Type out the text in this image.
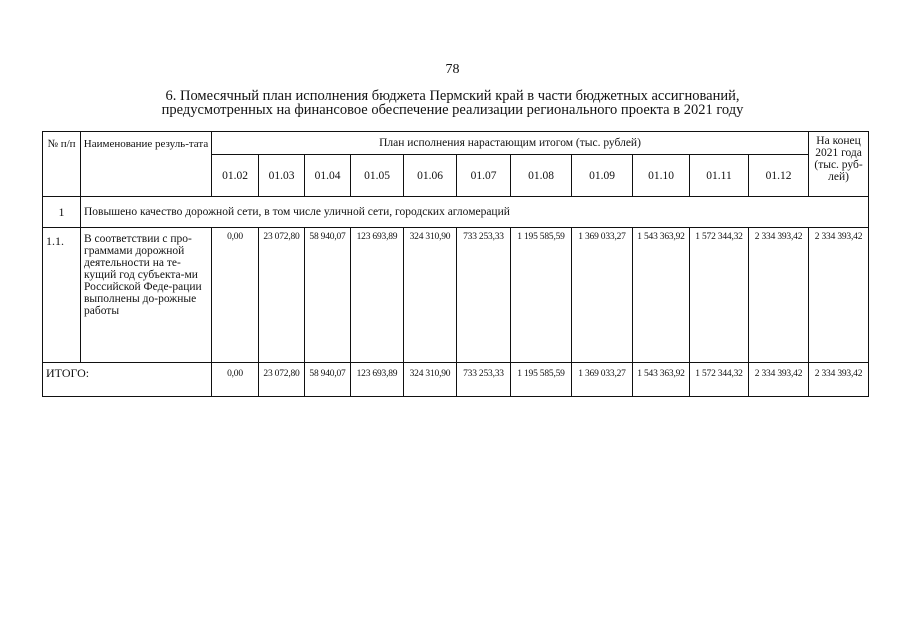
78
6. Помесячный план исполнения бюджета Пермский край в части бюджетных ассигнований,
предусмотренных на финансовое обеспечение реализации регионального проекта в 2021 году
№ п/п	Наименование резуль-тата	План исполнения нарастающим итогом (тыс. рублей)											На конец 2021 года (тыс. руб-лей)
		01.02	01.03	01.04	01.05	01.06	01.07	01.08	01.09	01.10	01.11	01.12	
1	Повышено качество дорожной сети, в том числе уличной сети, городских агломераций												
1.1.	В соответствии с про-граммами дорожной деятельности на те-кущий год субъекта-ми Российской Феде-рации выполнены до-рожные работы	0,00	23 072,80	58 940,07	123 693,89	324 310,90	733 253,33	1 195 585,59	1 369 033,27	1 543 363,92	1 572 344,32	2 334 393,42	2 334 393,42
ИТОГО:		0,00	23 072,80	58 940,07	123 693,89	324 310,90	733 253,33	1 195 585,59	1 369 033,27	1 543 363,92	1 572 344,32	2 334 393,42	2 334 393,42
